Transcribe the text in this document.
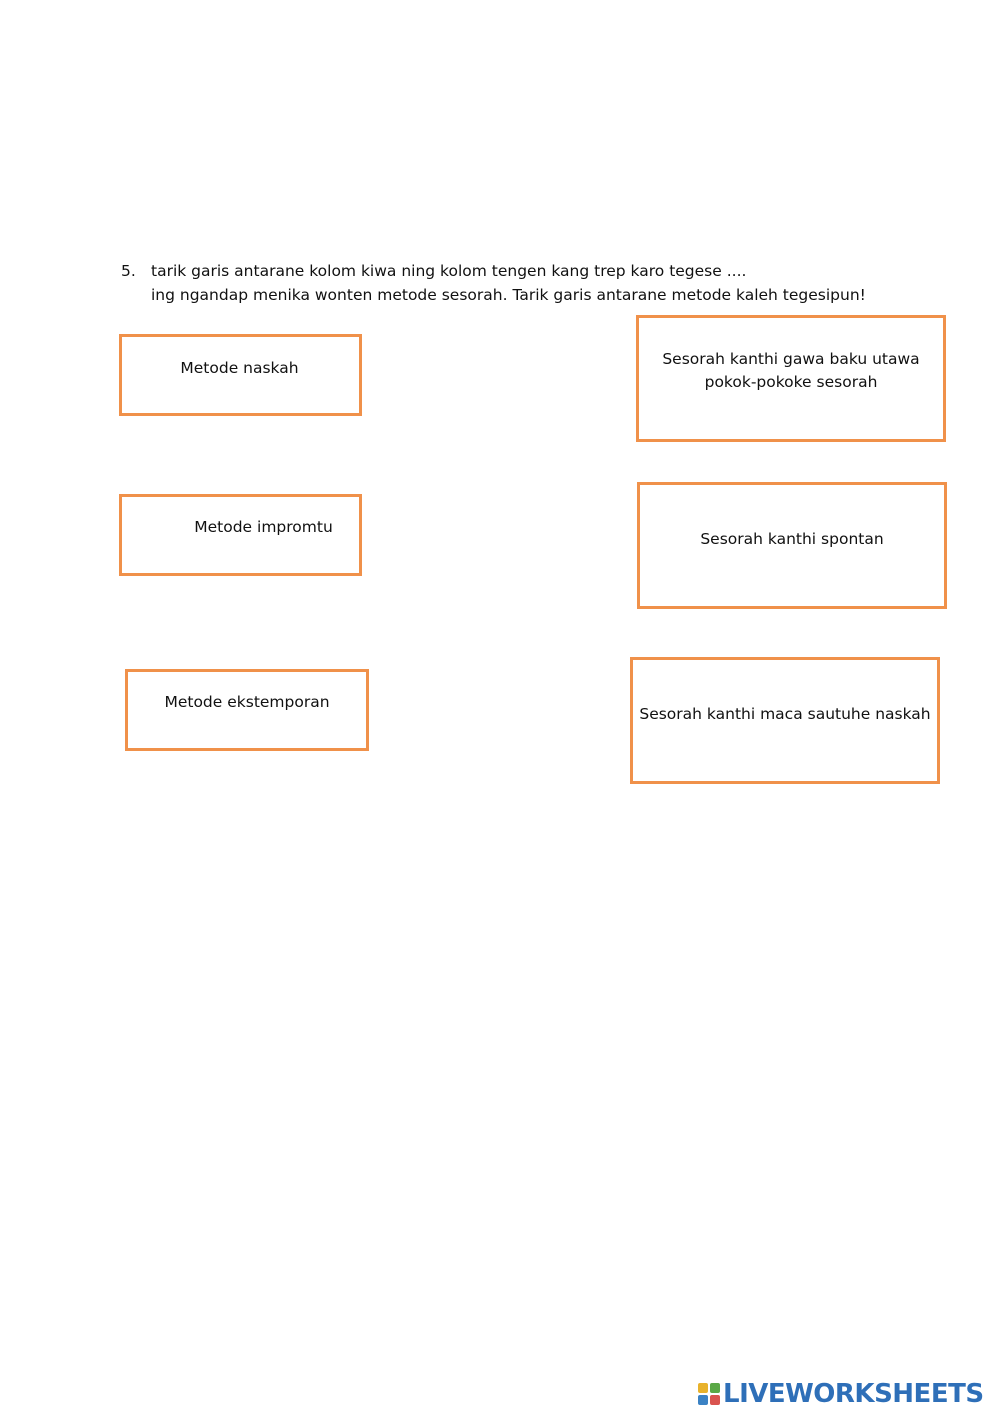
5. tarik garis antarane kolom kiwa ning kolom tengen kang trep karo tegese ....
ing ngandap menika wonten metode sesorah. Tarik garis antarane metode kaleh tegesipun!
Metode naskah
Metode impromtu
Metode ekstemporan
Sesorah kanthi gawa baku utawa pokok-pokoke sesorah
Sesorah kanthi spontan
Sesorah kanthi maca sautuhe naskah
LIVEWORKSHEETS
